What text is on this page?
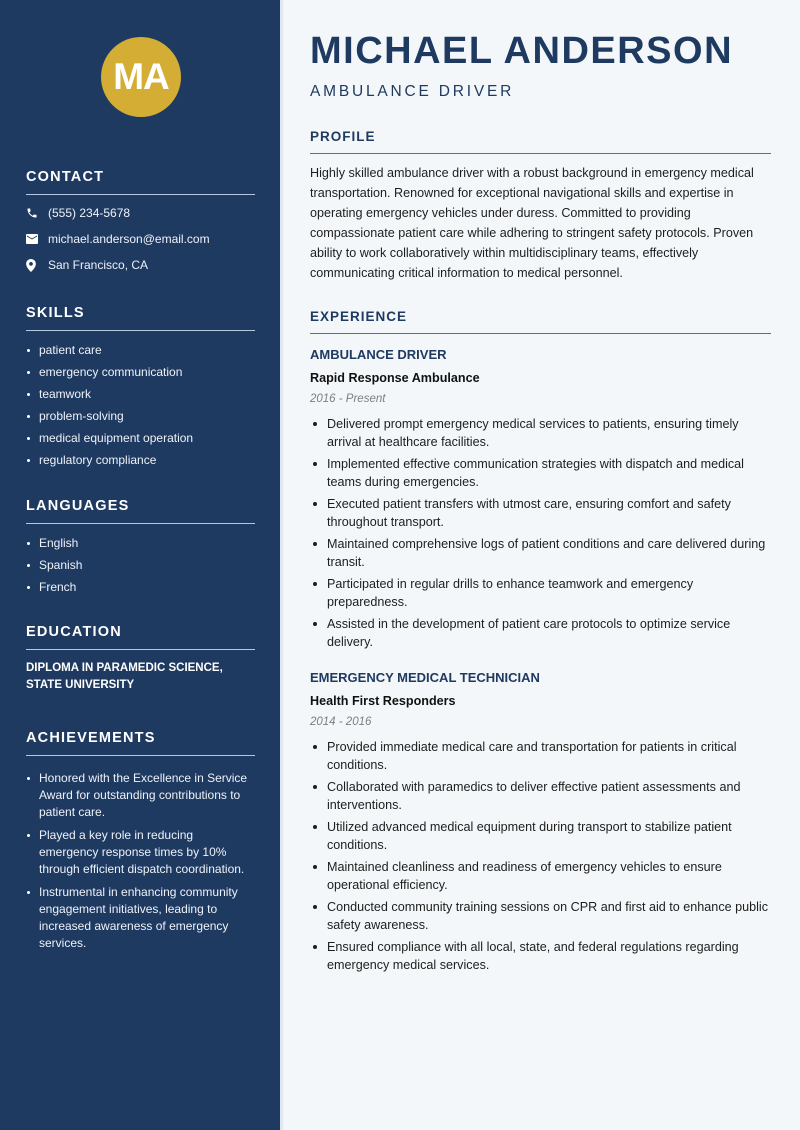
MA
CONTACT
(555) 234-5678
michael.anderson@email.com
San Francisco, CA
SKILLS
patient care
emergency communication
teamwork
problem-solving
medical equipment operation
regulatory compliance
LANGUAGES
English
Spanish
French
EDUCATION
DIPLOMA IN PARAMEDIC SCIENCE,
STATE UNIVERSITY
ACHIEVEMENTS
Honored with the Excellence in Service Award for outstanding contributions to patient care.
Played a key role in reducing emergency response times by 10% through efficient dispatch coordination.
Instrumental in enhancing community engagement initiatives, leading to increased awareness of emergency services.
MICHAEL ANDERSON
AMBULANCE DRIVER
PROFILE

Highly skilled ambulance driver with a robust background in emergency medical transportation. Renowned for exceptional navigational skills and expertise in operating emergency vehicles under duress. Committed to providing compassionate patient care while adhering to stringent safety protocols. Proven ability to work collaboratively within multidisciplinary teams, effectively communicating critical information to medical personnel.

EXPERIENCE
AMBULANCE DRIVER
Rapid Response Ambulance
2016 - Present
Delivered prompt emergency medical services to patients, ensuring timely arrival at healthcare facilities.
Implemented effective communication strategies with dispatch and medical teams during emergencies.
Executed patient transfers with utmost care, ensuring comfort and safety throughout transport.
Maintained comprehensive logs of patient conditions and care delivered during transit.
Participated in regular drills to enhance teamwork and emergency preparedness.
Assisted in the development of patient care protocols to optimize service delivery.
EMERGENCY MEDICAL TECHNICIAN
Health First Responders
2014 - 2016
Provided immediate medical care and transportation for patients in critical conditions.
Collaborated with paramedics to deliver effective patient assessments and interventions.
Utilized advanced medical equipment during transport to stabilize patient conditions.
Maintained cleanliness and readiness of emergency vehicles to ensure operational efficiency.
Conducted community training sessions on CPR and first aid to enhance public safety awareness.
Ensured compliance with all local, state, and federal regulations regarding emergency medical services.
